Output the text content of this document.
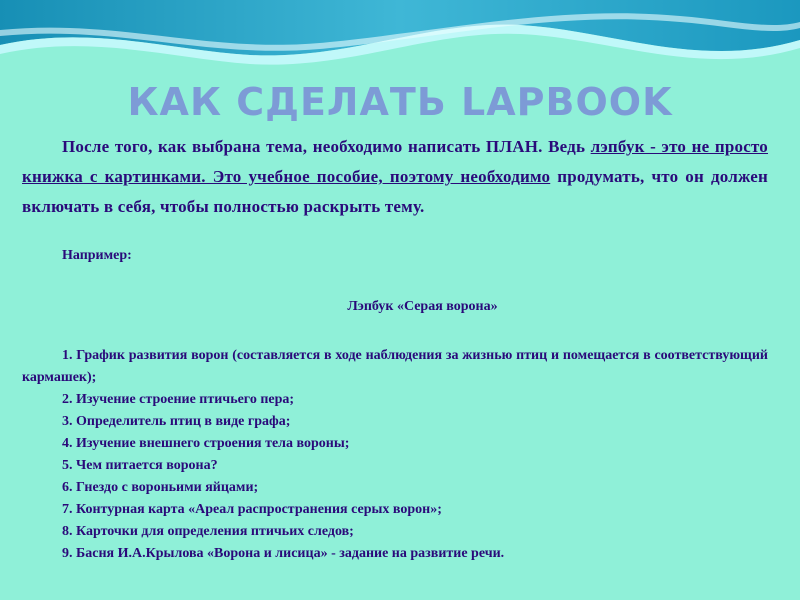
КАК СДЕЛАТЬ LAPBOOK

После того, как выбрана тема, необходимо написать ПЛАН. Ведь лэпбук - это не просто книжка с картинками. Это учебное пособие, поэтому необходимо продумать, что он должен включать в себя, чтобы полностью раскрыть тему.

Например:
Лэпбук «Серая ворона»
1. График развития ворон (составляется в ходе наблюдения за жизнью птиц и помещается в соответствующий кармашек);
2. Изучение строение птичьего пера;
3. Определитель птиц в виде графа;
4. Изучение внешнего строения тела вороны;
5. Чем питается ворона?
6. Гнездо с вороньими яйцами;
7. Контурная карта «Ареал распространения серых ворон»;
8. Карточки для определения птичьих следов;
9. Басня И.А.Крылова «Ворона и лисица» - задание на развитие речи.
